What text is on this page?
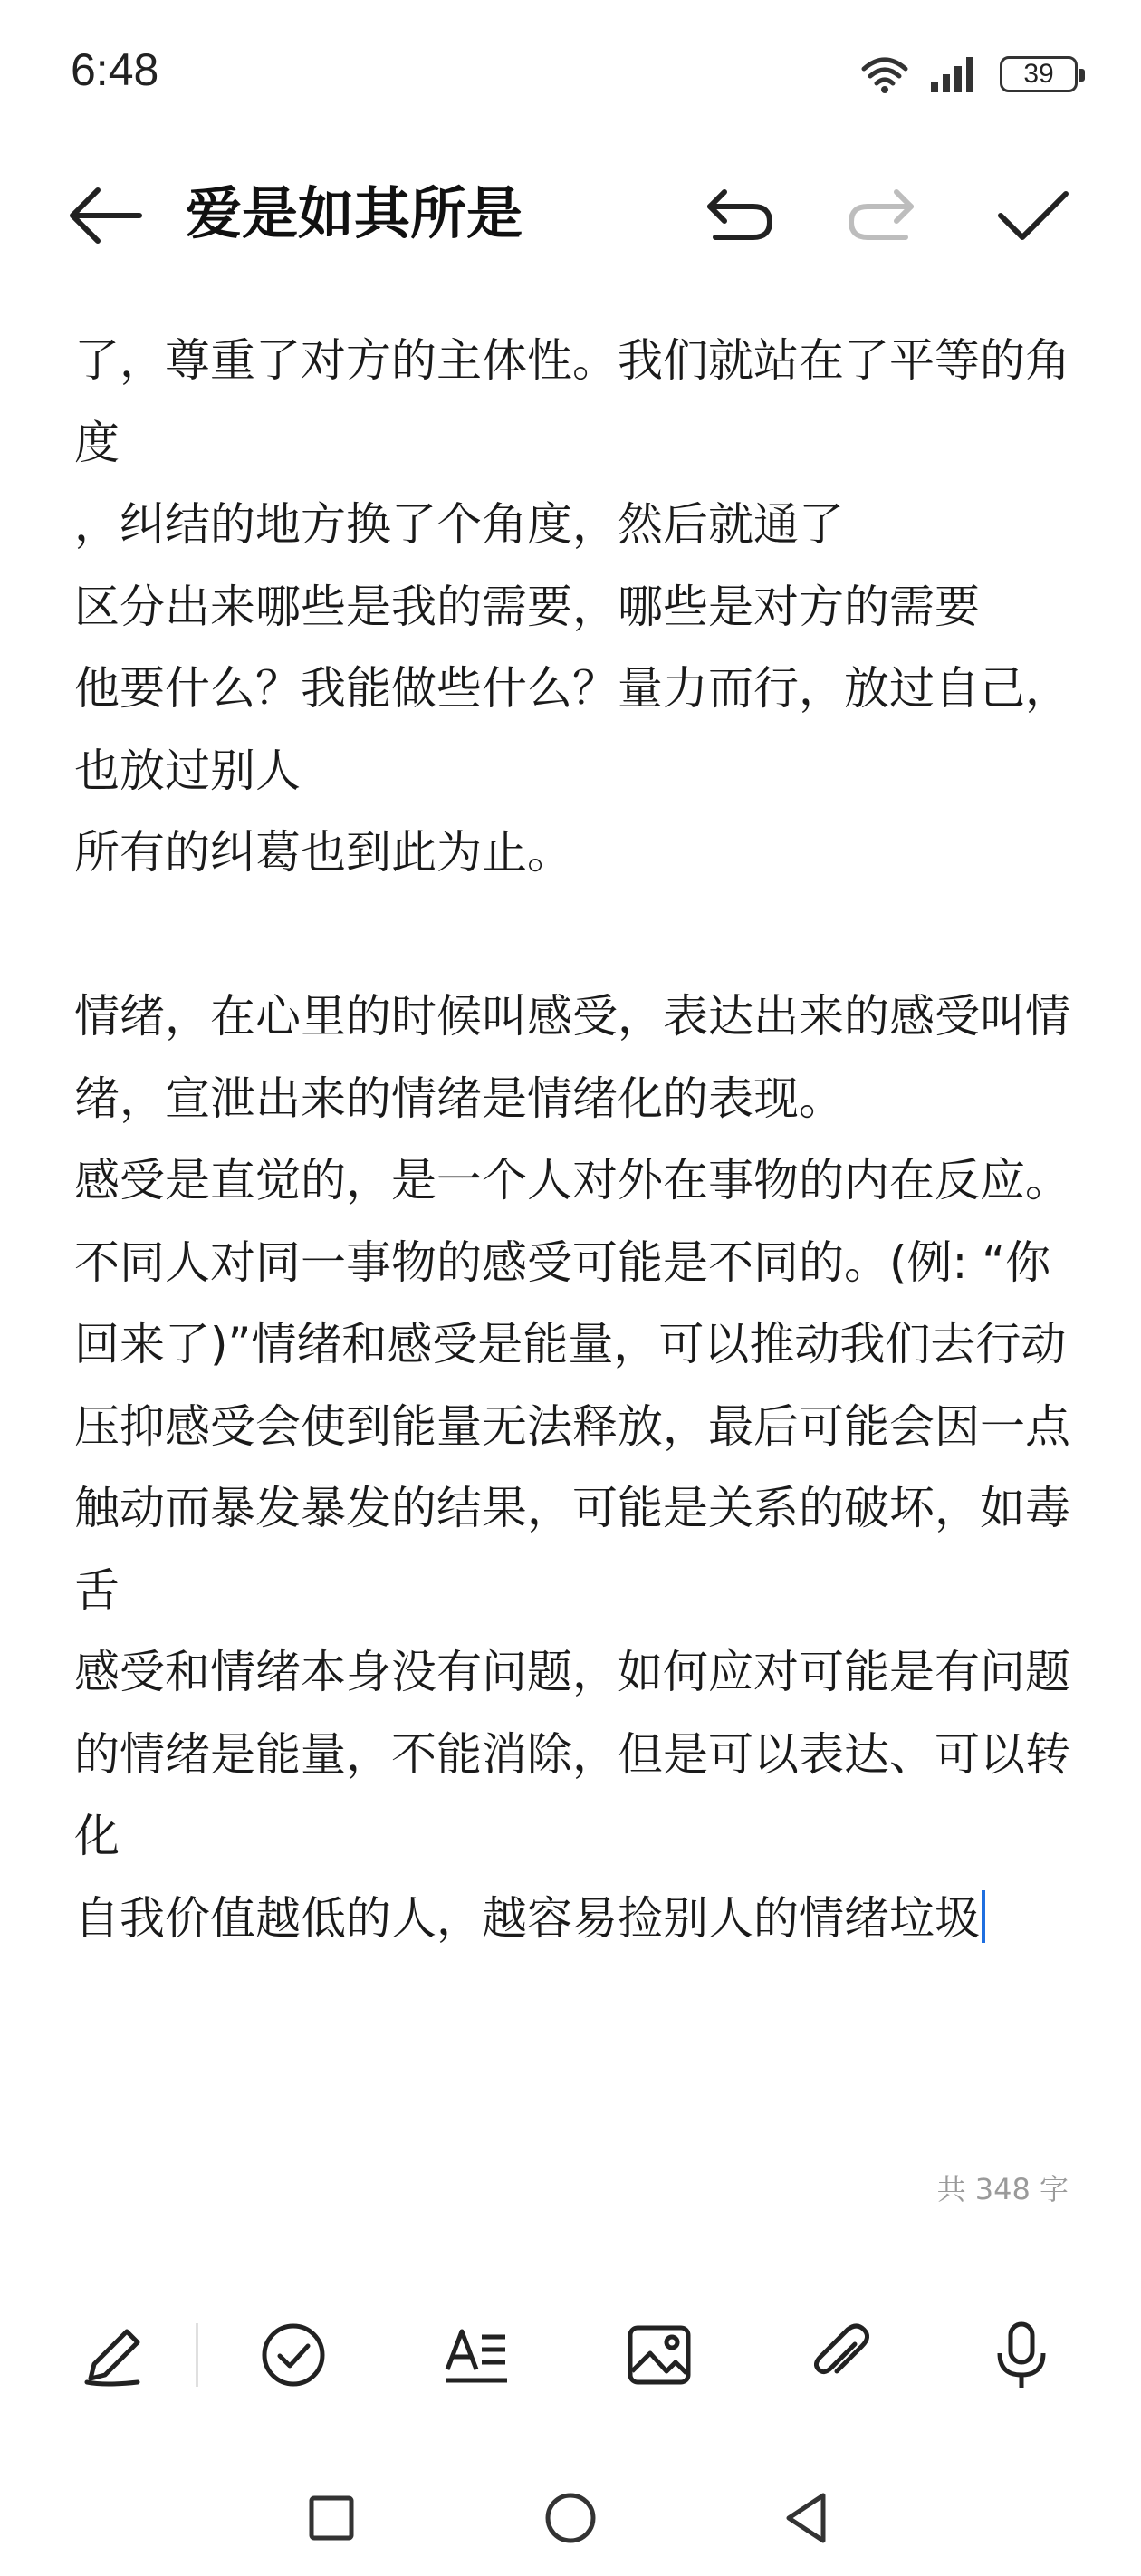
6:48	39
爱是如其所是

了，尊重了对方的主体性。我们就站在了平等的角度

，纠结的地方换了个角度，然后就通了

区分出来哪些是我的需要，哪些是对方的需要

他要什么？我能做些什么？量力而行，放过自己，也放过别人

所有的纠葛也到此为止。

情绪，在心里的时候叫感受，表达出来的感受叫情绪，宣泄出来的情绪是情绪化的表现。

感受是直觉的，是一个人对外在事物的内在反应。

不同人对同一事物的感受可能是不同的。(例: “你回来了)”情绪和感受是能量，可以推动我们去行动

压抑感受会使到能量无法释放，最后可能会因一点触动而暴发暴发的结果，可能是关系的破坏，如毒舌

感受和情绪本身没有问题，如何应对可能是有问题的情绪是能量，不能消除，但是可以表达、可以转化

自我价值越低的人，越容易捡别人的情绪垃圾

共 348 字
